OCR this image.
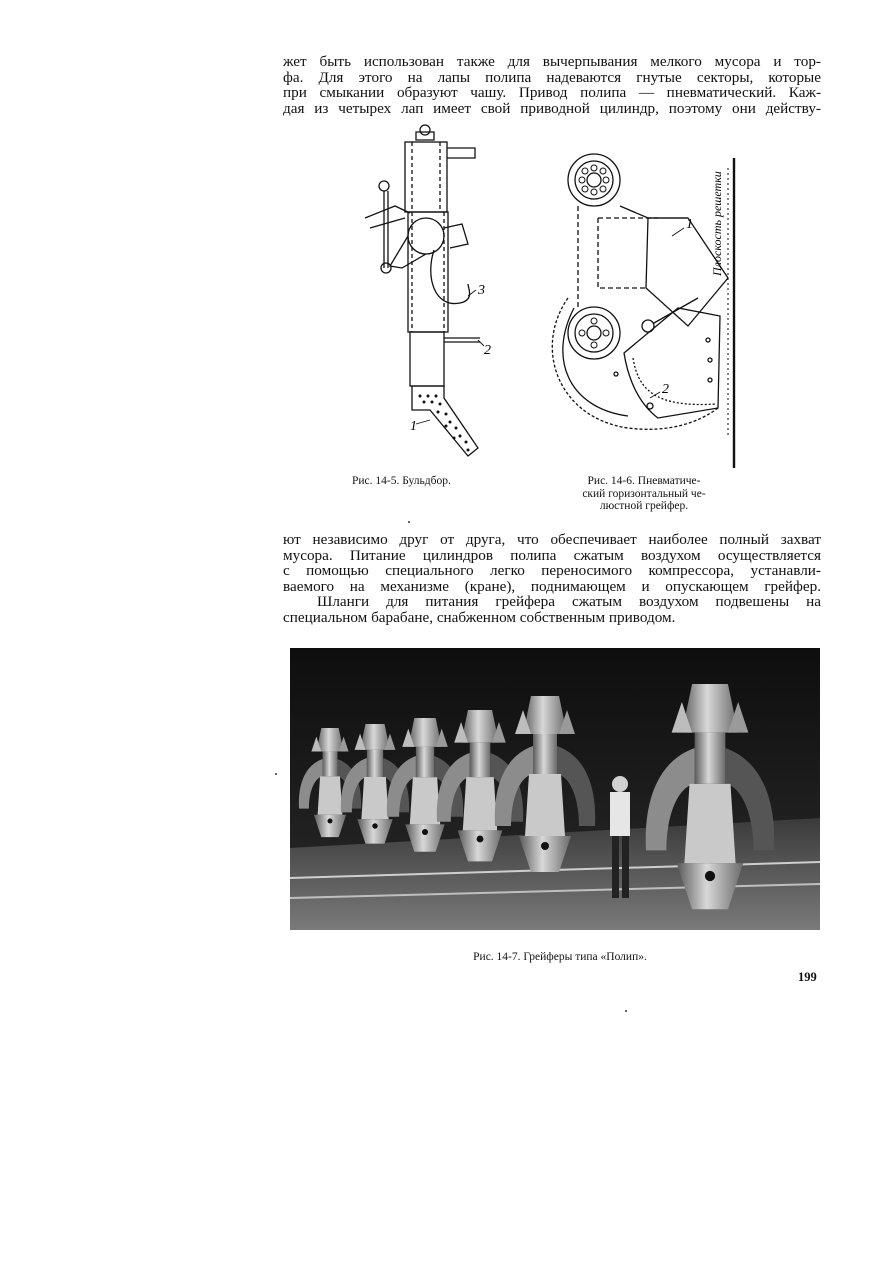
жет быть использован также для вычерпывания мелкого мусора и тор-
фа. Для этого на лапы полипа надеваются гнутые секторы, которые
при смыкании образуют чашу. Привод полипа — пневматический. Каж-
дая из четырех лап имеет свой приводной цилиндр, поэтому они действу-
1
3
2
Плоскость решетки
1
2
Рис. 14-5. Бульдбор.	Рис. 14-6. Пневматиче-
ский горизонтальный че-
люстной грейфер.
ют независимо друг от друга, что обеспечивает наиболее полный захват
мусора. Питание цилиндров полипа сжатым воздухом осуществляется
с помощью специального легко переносимого компрессора, устанавли-
ваемого на механизме (кране), поднимающем и опускающем грейфер.
Шланги для питания грейфера сжатым воздухом подвешены на
специальном барабане, снабженном собственным приводом.
Рис. 14-7. Грейферы типа «Полип».
199
